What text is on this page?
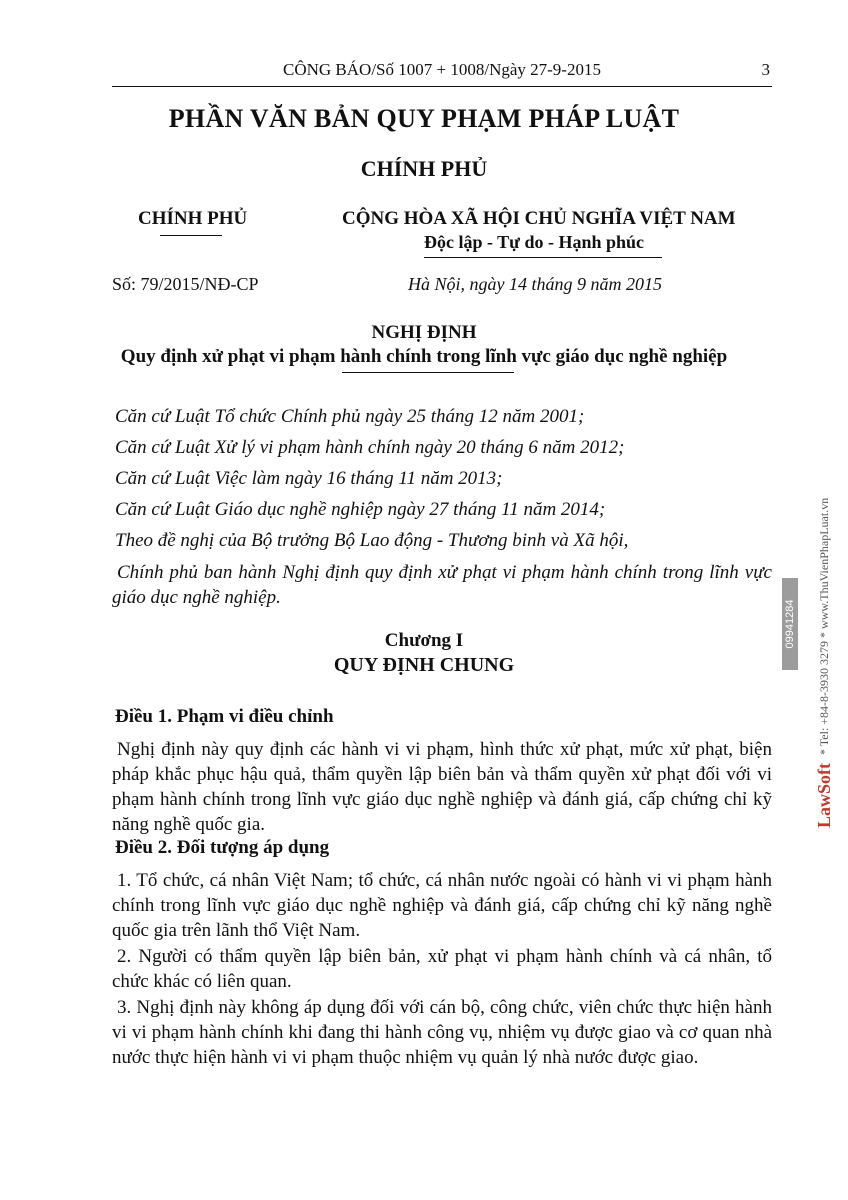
CÔNG BÁO/Số 1007 + 1008/Ngày 27-9-2015	3
PHẦN VĂN BẢN QUY PHẠM PHÁP LUẬT
CHÍNH PHỦ
CHÍNH PHỦ	CỘNG HÒA XÃ HỘI CHỦ NGHĨA VIỆT NAM
Độc lập - Tự do - Hạnh phúc
Số: 79/2015/NĐ-CP	Hà Nội, ngày 14 tháng 9 năm 2015
NGHỊ ĐỊNH
Quy định xử phạt vi phạm hành chính trong lĩnh vực giáo dục nghề nghiệp
Căn cứ Luật Tổ chức Chính phủ ngày 25 tháng 12 năm 2001;
Căn cứ Luật Xử lý vi phạm hành chính ngày 20 tháng 6 năm 2012;
Căn cứ Luật Việc làm ngày 16 tháng 11 năm 2013;
Căn cứ Luật Giáo dục nghề nghiệp ngày 27 tháng 11 năm 2014;
Theo đề nghị của Bộ trưởng Bộ Lao động - Thương binh và Xã hội,
Chính phủ ban hành Nghị định quy định xử phạt vi phạm hành chính trong lĩnh vực giáo dục nghề nghiệp.
Chương I
QUY ĐỊNH CHUNG
Điều 1. Phạm vi điều chỉnh
Nghị định này quy định các hành vi vi phạm, hình thức xử phạt, mức xử phạt, biện pháp khắc phục hậu quả, thẩm quyền lập biên bản và thẩm quyền xử phạt đối với vi phạm hành chính trong lĩnh vực giáo dục nghề nghiệp và đánh giá, cấp chứng chỉ kỹ năng nghề quốc gia.
Điều 2. Đối tượng áp dụng
1. Tổ chức, cá nhân Việt Nam; tổ chức, cá nhân nước ngoài có hành vi vi phạm hành chính trong lĩnh vực giáo dục nghề nghiệp và đánh giá, cấp chứng chỉ kỹ năng nghề quốc gia trên lãnh thổ Việt Nam.
2. Người có thẩm quyền lập biên bản, xử phạt vi phạm hành chính và cá nhân, tổ chức khác có liên quan.
3. Nghị định này không áp dụng đối với cán bộ, công chức, viên chức thực hiện hành vi vi phạm hành chính khi đang thi hành công vụ, nhiệm vụ được giao và cơ quan nhà nước thực hiện hành vi vi phạm thuộc nhiệm vụ quản lý nhà nước được giao.
LawSoft
* Tel: +84-8-3930 3279 * www.ThuVienPhapLuat.vn
09941284
